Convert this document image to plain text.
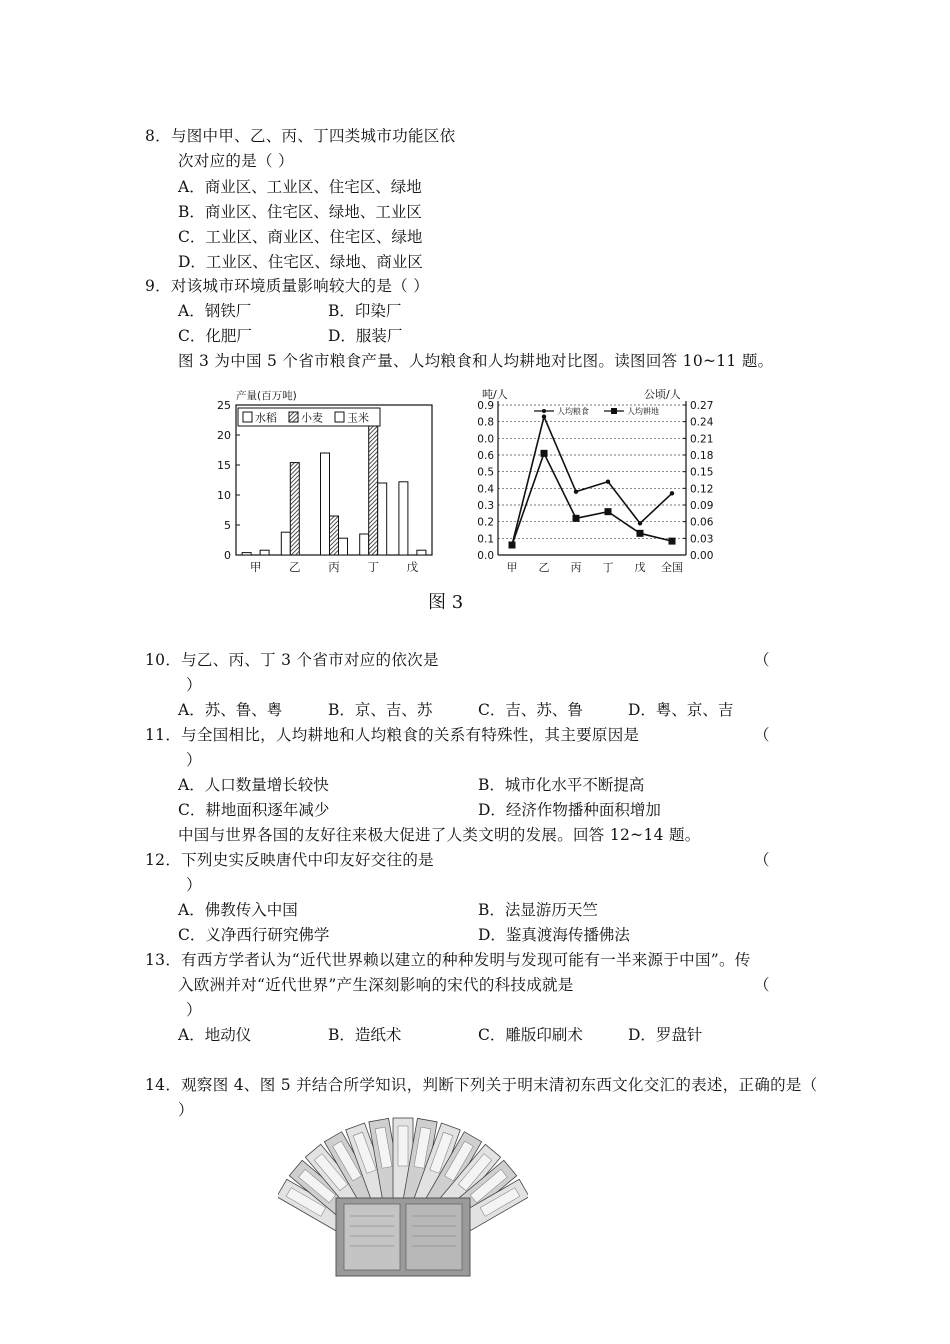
8．与图中甲、乙、丙、丁四类城市功能区依
次对应的是（ ）
A．商业区、工业区、住宅区、绿地
B．商业区、住宅区、绿地、工业区
C．工业区、商业区、住宅区、绿地
D．工业区、住宅区、绿地、商业区
9．对该城市环境质量影响较大的是（ ）
A．钢铁厂	B．印染厂
C．化肥厂	D．服装厂
图 3 为中国 5 个省市粮食产量、人均粮食和人均耕地对比图。读图回答 10~11 题。
产量(百万吨)
0
5
10
15
20
25
甲 乙 丙 丁 戊
水稻 小麦 玉米
吨/人	公顷/人
0.0
0.1
0.2
0.3
0.4
0.5
0.6
0.0
0.8
0.9
0.00
0.03
0.06
0.09
0.12
0.15
0.18
0.21
0.24
0.27
甲 乙 丙 丁 戊 全国
人均粮食	人均耕地
图 3
10．与乙、丙、丁 3 个省市对应的依次是	（
）
A．苏、鲁、粤	B．京、吉、苏	C．吉、苏、鲁	D．粤、京、吉
11．与全国相比，人均耕地和人均粮食的关系有特殊性，其主要原因是	（
）
A．人口数量增长较快	B．城市化水平不断提高
C．耕地面积逐年减少	D．经济作物播种面积增加
中国与世界各国的友好往来极大促进了人类文明的发展。回答 12~14 题。
12．下列史实反映唐代中印友好交往的是	（
）
A．佛教传入中国	B．法显游历天竺
C．义净西行研究佛学	D．鉴真渡海传播佛法
13．有西方学者认为“近代世界赖以建立的种种发明与发现可能有一半来源于中国”。传
入欧洲并对“近代世界”产生深刻影响的宋代的科技成就是	（
）
A．地动仪	B．造纸术	C．雕版印刷术	D．罗盘针
14．观察图 4、图 5 并结合所学知识，判断下列关于明末清初东西文化交汇的表述，正确的是（
）
